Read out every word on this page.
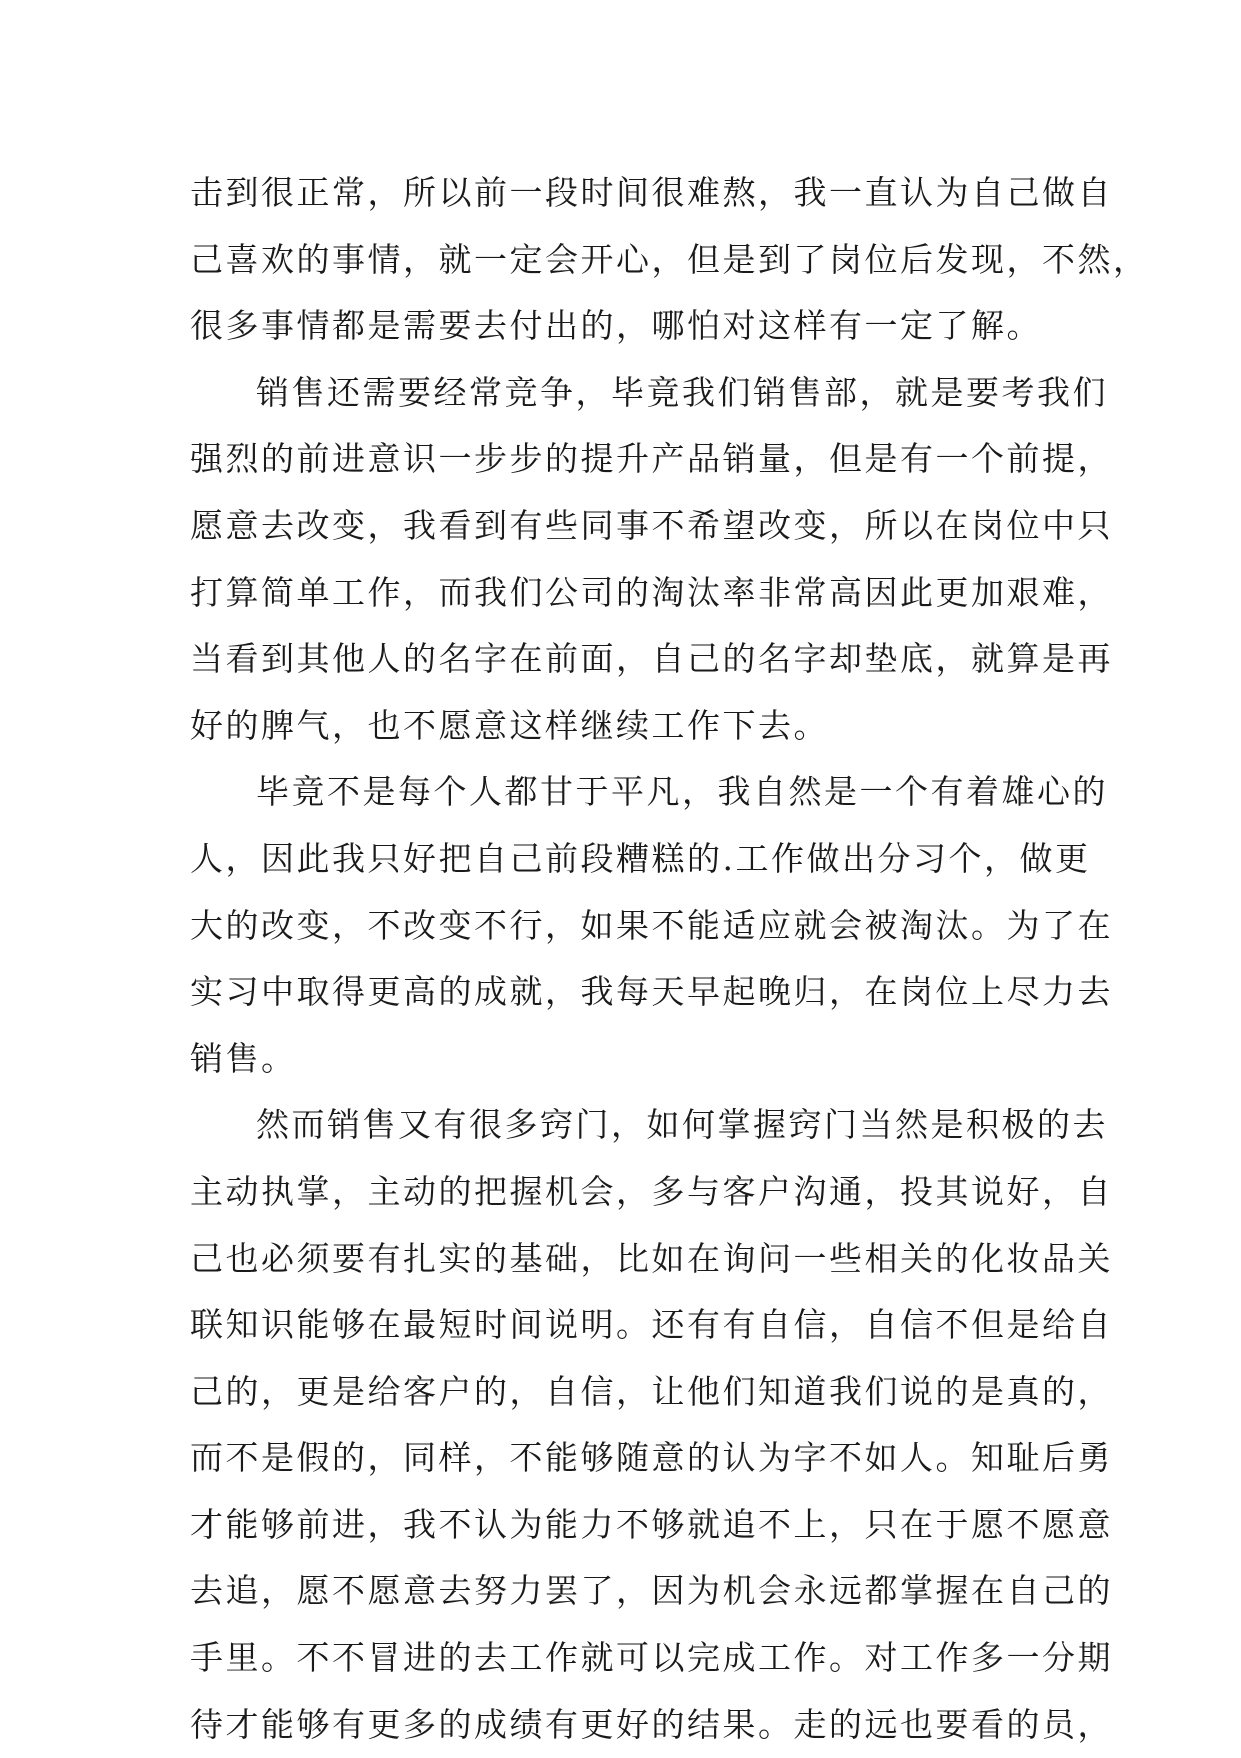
击到很正常，所以前一段时间很难熬，我一直认为自己做自
己喜欢的事情，就一定会开心，但是到了岗位后发现，不然，
很多事情都是需要去付出的，哪怕对这样有一定了解。
销售还需要经常竞争，毕竟我们销售部，就是要考我们
强烈的前进意识一步步的提升产品销量，但是有一个前提，
愿意去改变，我看到有些同事不希望改变，所以在岗位中只
打算简单工作，而我们公司的淘汰率非常高因此更加艰难，
当看到其他人的名字在前面，自己的名字却垫底，就算是再
好的脾气，也不愿意这样继续工作下去。
毕竟不是每个人都甘于平凡，我自然是一个有着雄心的
人，因此我只好把自己前段糟糕的.工作做出分习个，做更
大的改变，不改变不行，如果不能适应就会被淘汰。为了在
实习中取得更高的成就，我每天早起晚归，在岗位上尽力去
销售。
然而销售又有很多窍门，如何掌握窍门当然是积极的去
主动执掌，主动的把握机会，多与客户沟通，投其说好，自
己也必须要有扎实的基础，比如在询问一些相关的化妆品关
联知识能够在最短时间说明。还有有自信，自信不但是给自
己的，更是给客户的，自信，让他们知道我们说的是真的，
而不是假的，同样，不能够随意的认为字不如人。知耻后勇
才能够前进，我不认为能力不够就追不上，只在于愿不愿意
去追，愿不愿意去努力罢了，因为机会永远都掌握在自己的
手里。不不冒进的去工作就可以完成工作。对工作多一分期
待才能够有更多的成绩有更好的结果。走的远也要看的员，
